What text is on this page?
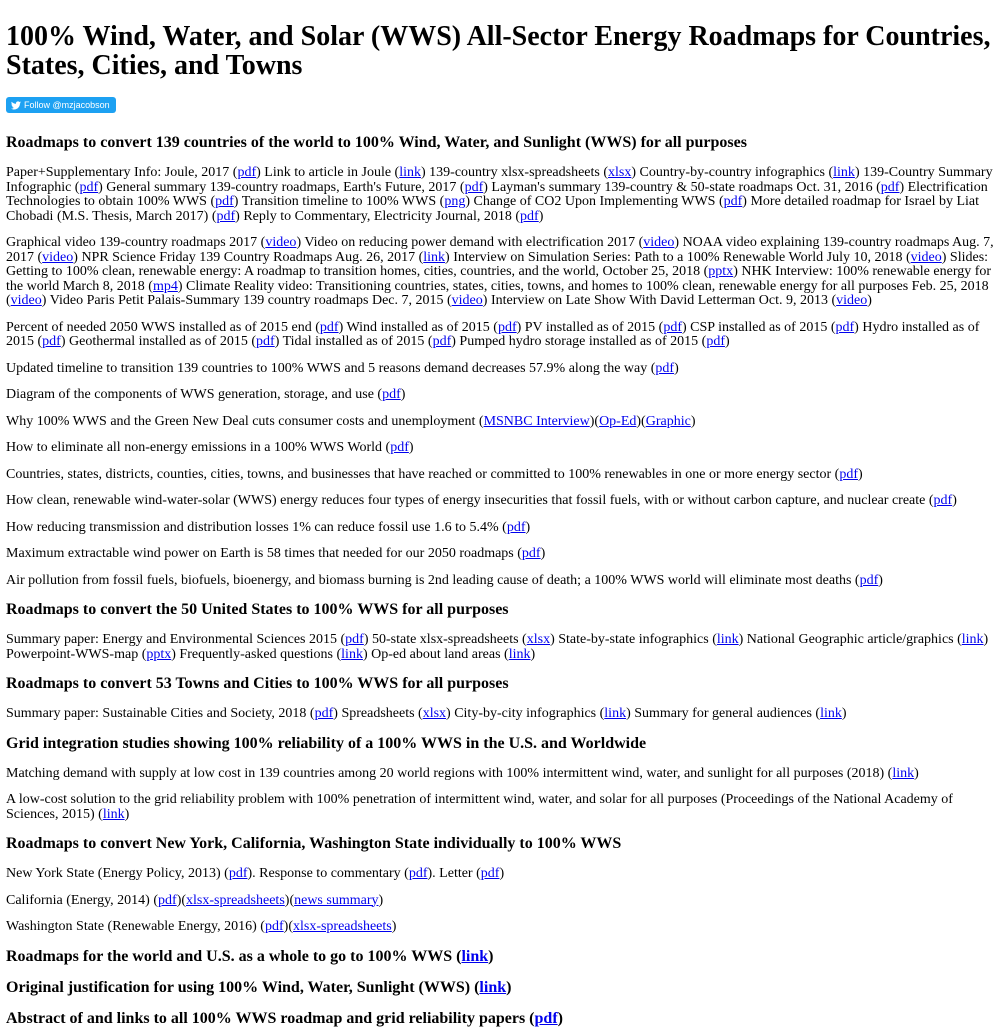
100% Wind, Water, and Solar (WWS) All-Sector Energy Roadmaps for Countries, States, Cities, and Towns
Follow @mzjacobson
Roadmaps to convert 139 countries of the world to 100% Wind, Water, and Sunlight (WWS) for all purposes

Paper+Supplementary Info: Joule, 2017 (pdf) Link to article in Joule (link) 139-country xlsx-spreadsheets (xlsx) Country-by-country infographics (link) 139-Country Summary Infographic (pdf) General summary 139-country roadmaps, Earth's Future, 2017 (pdf) Layman's summary 139-country & 50-state roadmaps Oct. 31, 2016 (pdf) Electrification Technologies to obtain 100% WWS (pdf) Transition timeline to 100% WWS (png) Change of CO2 Upon Implementing WWS (pdf) More detailed roadmap for Israel by Liat Chobadi (M.S. Thesis, March 2017) (pdf) Reply to Commentary, Electricity Journal, 2018 (pdf)

Graphical video 139-country roadmaps 2017 (video) Video on reducing power demand with electrification 2017 (video) NOAA video explaining 139-country roadmaps Aug. 7, 2017 (video) NPR Science Friday 139 Country Roadmaps Aug. 26, 2017 (link) Interview on Simulation Series: Path to a 100% Renewable World July 10, 2018 (video) Slides: Getting to 100% clean, renewable energy: A roadmap to transition homes, cities, countries, and the world, October 25, 2018 (pptx) NHK Interview: 100% renewable energy for the world March 8, 2018 (mp4) Climate Reality video: Transitioning countries, states, cities, towns, and homes to 100% clean, renewable energy for all purposes Feb. 25, 2018 (video) Video Paris Petit Palais-Summary 139 country roadmaps Dec. 7, 2015 (video) Interview on Late Show With David Letterman Oct. 9, 2013 (video)

Percent of needed 2050 WWS installed as of 2015 end (pdf) Wind installed as of 2015 (pdf) PV installed as of 2015 (pdf) CSP installed as of 2015 (pdf) Hydro installed as of 2015 (pdf) Geothermal installed as of 2015 (pdf) Tidal installed as of 2015 (pdf) Pumped hydro storage installed as of 2015 (pdf)

Updated timeline to transition 139 countries to 100% WWS and 5 reasons demand decreases 57.9% along the way (pdf)

Diagram of the components of WWS generation, storage, and use (pdf)

Why 100% WWS and the Green New Deal cuts consumer costs and unemployment (MSNBC Interview)(Op-Ed)(Graphic)

How to eliminate all non-energy emissions in a 100% WWS World (pdf)

Countries, states, districts, counties, cities, towns, and businesses that have reached or committed to 100% renewables in one or more energy sector (pdf)

How clean, renewable wind-water-solar (WWS) energy reduces four types of energy insecurities that fossil fuels, with or without carbon capture, and nuclear create (pdf)

How reducing transmission and distribution losses 1% can reduce fossil use 1.6 to 5.4% (pdf)

Maximum extractable wind power on Earth is 58 times that needed for our 2050 roadmaps (pdf)

Air pollution from fossil fuels, biofuels, bioenergy, and biomass burning is 2nd leading cause of death; a 100% WWS world will eliminate most deaths (pdf)

Roadmaps to convert the 50 United States to 100% WWS for all purposes

Summary paper: Energy and Environmental Sciences 2015 (pdf) 50-state xlsx-spreadsheets (xlsx) State-by-state infographics (link) National Geographic article/graphics (link) Powerpoint-WWS-map (pptx) Frequently-asked questions (link) Op-ed about land areas (link)

Roadmaps to convert 53 Towns and Cities to 100% WWS for all purposes

Summary paper: Sustainable Cities and Society, 2018 (pdf) Spreadsheets (xlsx) City-by-city infographics (link) Summary for general audiences (link)

Grid integration studies showing 100% reliability of a 100% WWS in the U.S. and Worldwide

Matching demand with supply at low cost in 139 countries among 20 world regions with 100% intermittent wind, water, and sunlight for all purposes (2018) (link)

A low-cost solution to the grid reliability problem with 100% penetration of intermittent wind, water, and solar for all purposes (Proceedings of the National Academy of Sciences, 2015) (link)

Roadmaps to convert New York, California, Washington State individually to 100% WWS

New York State (Energy Policy, 2013) (pdf). Response to commentary (pdf). Letter (pdf)

California (Energy, 2014) (pdf)(xlsx-spreadsheets)(news summary)

Washington State (Renewable Energy, 2016) (pdf)(xlsx-spreadsheets)

Roadmaps for the world and U.S. as a whole to go to 100% WWS (link)
Original justification for using 100% Wind, Water, Sunlight (WWS) (link)
Abstract of and links to all 100% WWS roadmap and grid reliability papers (pdf)
